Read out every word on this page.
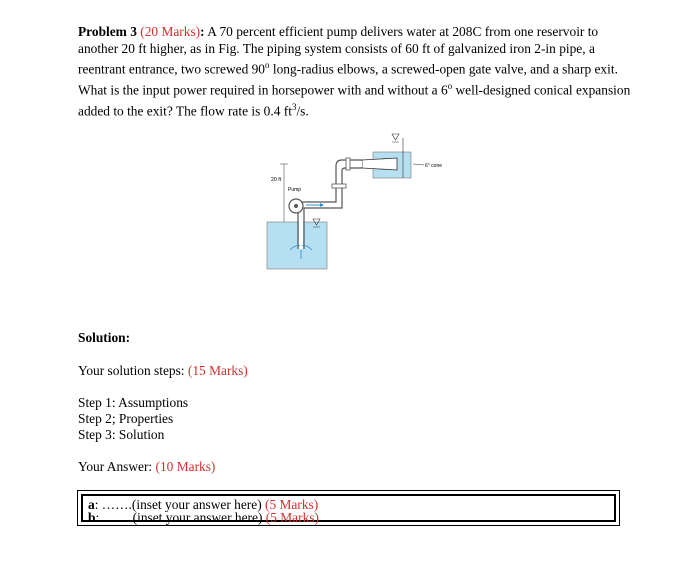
Problem 3 (20 Marks): A 70 percent efficient pump delivers water at 208C from one reservoir to another 20 ft higher, as in Fig. The piping system consists of 60 ft of galvanized iron 2-in pipe, a reentrant entrance, two screwed 90$^o$ long-radius elbows, a screwed-open gate valve, and a sharp exit. What is the input power required in horsepower with and without a 6$^o$ well-designed conical expansion added to the exit? The flow rate is 0.4 $ft^3/s$.

6° cone
20 ft
Pump

Solution:

Your solution steps: (15 Marks)

Step 1: Assumptions

Step 2; Properties

Step 3: Solution

Your Answer: (10 Marks)

a: …….(inset your answer here) (5 Marks)
b: …….(inset your answer here) (5 Marks)
